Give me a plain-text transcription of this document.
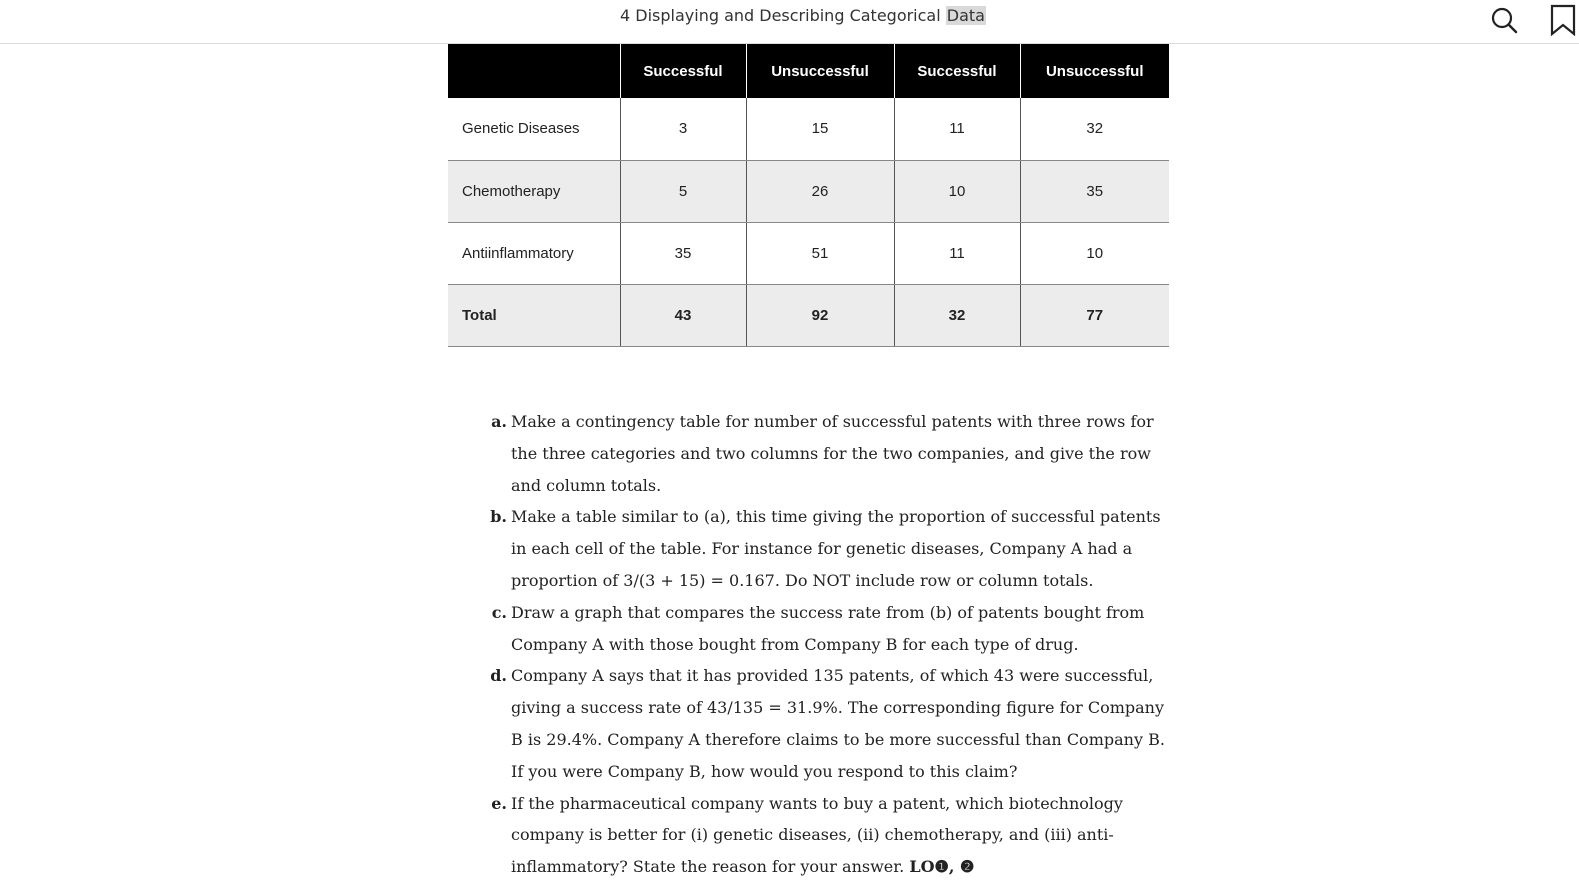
4 Displaying and Describing Categorical Data
	Successful	Unsuccessful	Successful	Unsuccessful
Genetic Diseases	3	15	11	32
Chemotherapy	5	26	10	35
Antiinflammatory	35	51	11	10
Total	43	92	32	77
a. Make a contingency table for number of successful patents with three rows for the three categories and two columns for the two companies, and give the row and column totals.
b. Make a table similar to (a), this time giving the proportion of successful patents in each cell of the table. For instance for genetic diseases, Company A had a proportion of 3/(3 + 15) = 0.167. Do NOT include row or column totals.
c. Draw a graph that compares the success rate from (b) of patents bought from Company A with those bought from Company B for each type of drug.
d. Company A says that it has provided 135 patents, of which 43 were successful, giving a success rate of 43/135 = 31.9%. The corresponding figure for Company B is 29.4%. Company A therefore claims to be more successful than Company B. If you were Company B, how would you respond to this claim?
e. If the pharmaceutical company wants to buy a patent, which biotechnology company is better for (i) genetic diseases, (ii) chemotherapy, and (iii) anti-inflammatory? State the reason for your answer. LO❶, ❷
